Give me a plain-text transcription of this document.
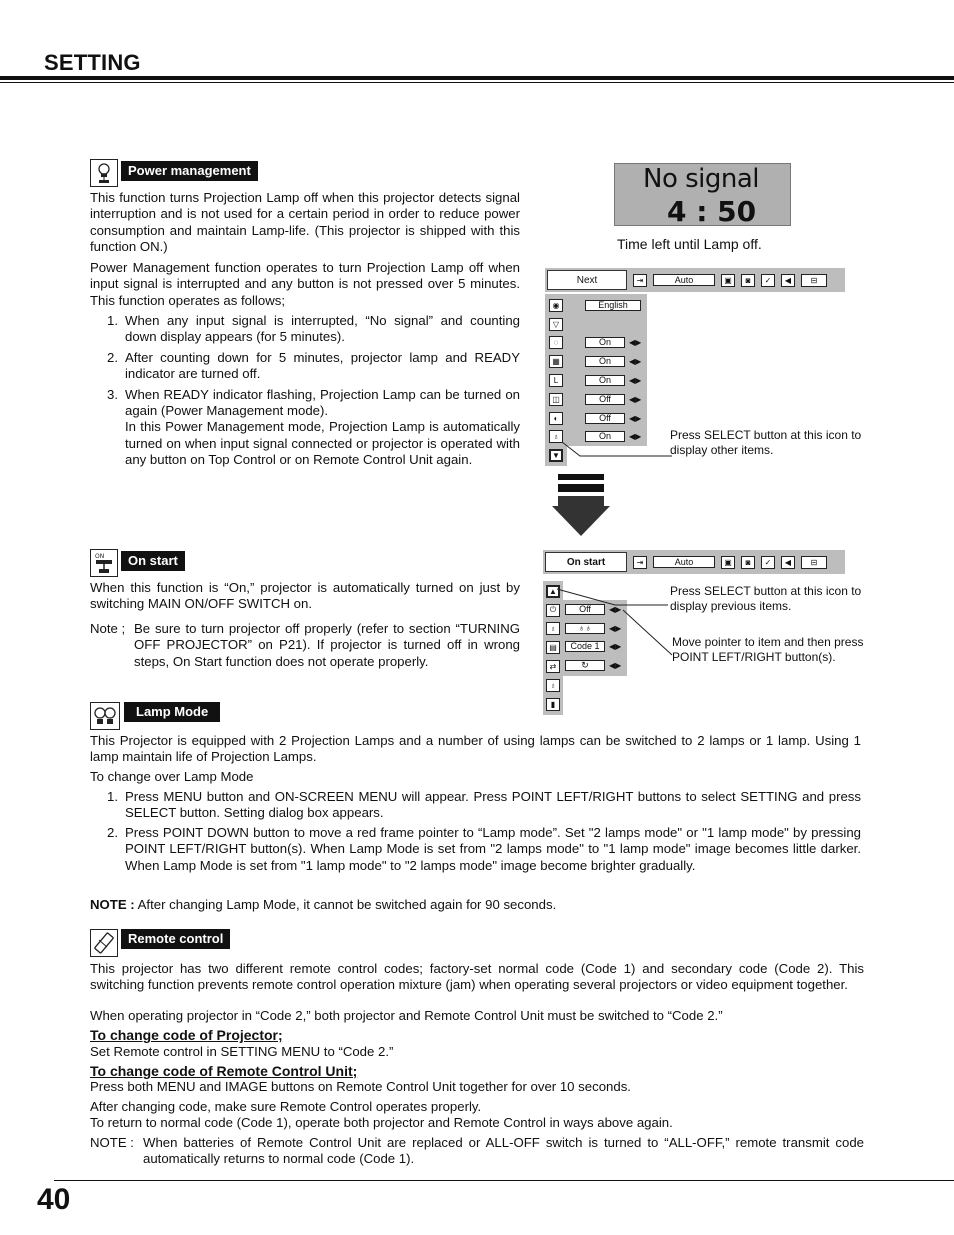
SETTING
Power management
This function turns Projection Lamp off when this projector detects signal interruption and is not used for a certain period in order to reduce power consumption and maintain Lamp-life. (This projector is shipped with this function ON.)
Power Management function operates to turn Projection Lamp off when input signal is interrupted and any button is not pressed over 5 minutes. This function operates as follows;
1. When any input signal is interrupted, “No signal” and counting down display appears (for 5 minutes).
2. After counting down for 5 minutes, projector lamp and READY indicator are turned off.
3. When READY indicator flashing, Projection Lamp can be turned on again (Power Management mode).
In this Power Management mode, Projection Lamp is automatically turned on when input signal connected or projector is operated with any button on Top Control or on Remote Control Unit again.
No signal
4 : 50
Time left until Lamp off.
Next	⇥	Auto	▣	◙	✓	◀	⊟
◉
▽
◌
▦
L
◫
◐
♁
▼
English
On	◀▶
On	◀▶
On	◀▶
Off	◀▶
Off	◀▶
On	◀▶ Press SELECT button at this icon to display other items.
On start	⇥	Auto	▣	◙	✓	◀	⊟
▲
⏻
♁
▤
⇄
♁
▮
Off	◀▶
♁♁	◀▶
Code 1	◀▶
↻	◀▶
Press SELECT button at this icon to display previous items.
Move pointer to item and then press POINT LEFT/RIGHT button(s).
ON	On start
When this function is “On,” projector is automatically turned on just by switching MAIN ON/OFF SWITCH on.
Note ; Be sure to turn projector off properly (refer to section “TURNING OFF PROJECTOR” on P21). If projector is turned off in wrong steps, On Start function does not operate properly.
Lamp Mode
This Projector is equipped with 2 Projection Lamps and a number of using lamps can be switched to 2 lamps or 1 lamp. Using 1 lamp maintain life of Projection Lamps.
To change over Lamp Mode
1. Press MENU button and ON-SCREEN MENU will appear. Press POINT LEFT/RIGHT buttons to select SETTING and press SELECT button. Setting dialog box appears.
2. Press POINT DOWN button to move a red frame pointer to “Lamp mode”. Set "2 lamps mode" or "1 lamp mode" by pressing POINT LEFT/RIGHT button(s). When Lamp Mode is set from "2 lamps mode" to "1 lamp mode" image becomes little darker. When Lamp Mode is set from "1 lamp mode" to "2 lamps mode" image become brighter gradually.
NOTE : After changing Lamp Mode, it cannot be switched again for 90 seconds.
Remote control
This projector has two different remote control codes; factory-set normal code (Code 1) and secondary code (Code 2). This switching function prevents remote control operation mixture (jam) when operating several projectors or video equipment together.
When operating projector in “Code 2,” both projector and Remote Control Unit must be switched to “Code 2.”
To change code of Projector;
Set Remote control in SETTING MENU to “Code 2.”
To change code of Remote Control Unit;
Press both MENU and IMAGE buttons on Remote Control Unit together for over 10 seconds.
After changing code, make sure Remote Control operates properly.
To return to normal code (Code 1), operate both projector and Remote Control in ways above again.
NOTE : When batteries of Remote Control Unit are replaced or ALL-OFF switch is turned to “ALL-OFF,” remote transmit code automatically returns to normal code (Code 1).
40
